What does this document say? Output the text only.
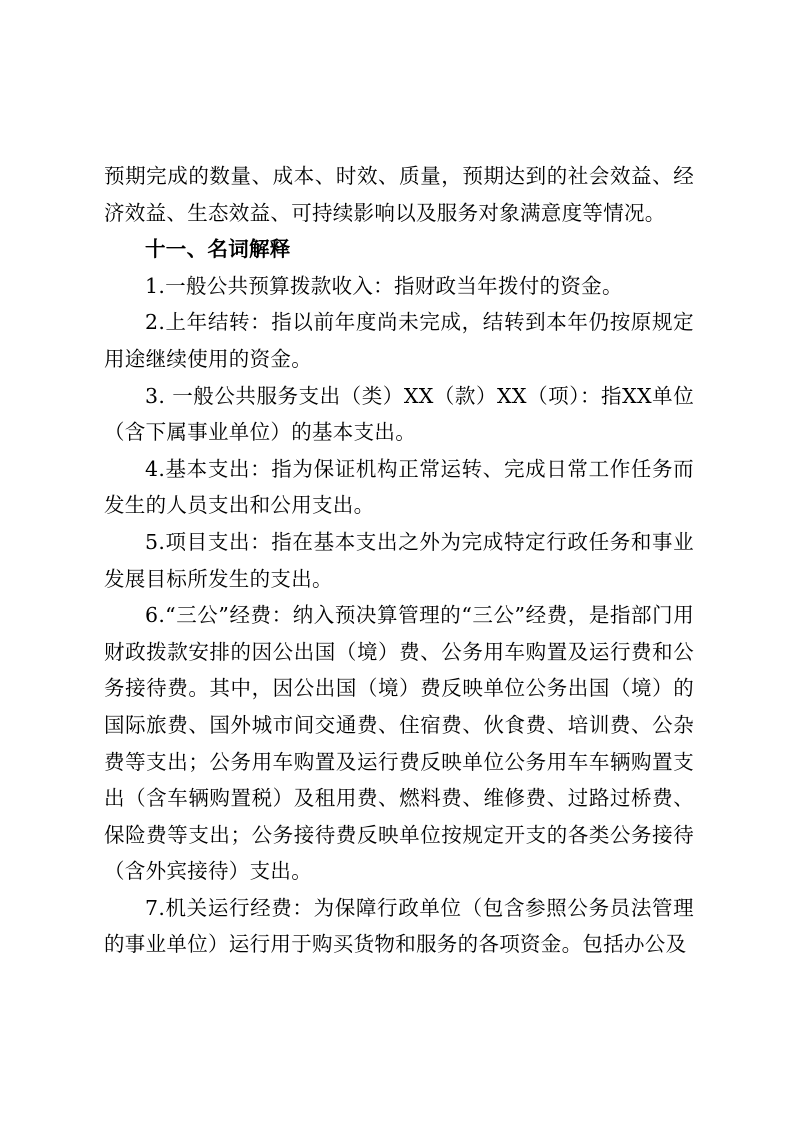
预期完成的数量、成本、时效、质量，预期达到的社会效益、经济效益、生态效益、可持续影响以及服务对象满意度等情况。

十一、名词解释

1.一般公共预算拨款收入：指财政当年拨付的资金。

2.上年结转：指以前年度尚未完成，结转到本年仍按原规定用途继续使用的资金。

3. 一般公共服务支出（类）XX（款）XX（项）：指XX单位（含下属事业单位）的基本支出。

4.基本支出：指为保证机构正常运转、完成日常工作任务而发生的人员支出和公用支出。

5.项目支出：指在基本支出之外为完成特定行政任务和事业发展目标所发生的支出。

6.“三公”经费：纳入预决算管理的“三公”经费，是指部门用财政拨款安排的因公出国（境）费、公务用车购置及运行费和公务接待费。其中，因公出国（境）费反映单位公务出国（境）的国际旅费、国外城市间交通费、住宿费、伙食费、培训费、公杂费等支出；公务用车购置及运行费反映单位公务用车车辆购置支出（含车辆购置税）及租用费、燃料费、维修费、过路过桥费、保险费等支出；公务接待费反映单位按规定开支的各类公务接待（含外宾接待）支出。

7.机关运行经费：为保障行政单位（包含参照公务员法管理的事业单位）运行用于购买货物和服务的各项资金。包括办公及
